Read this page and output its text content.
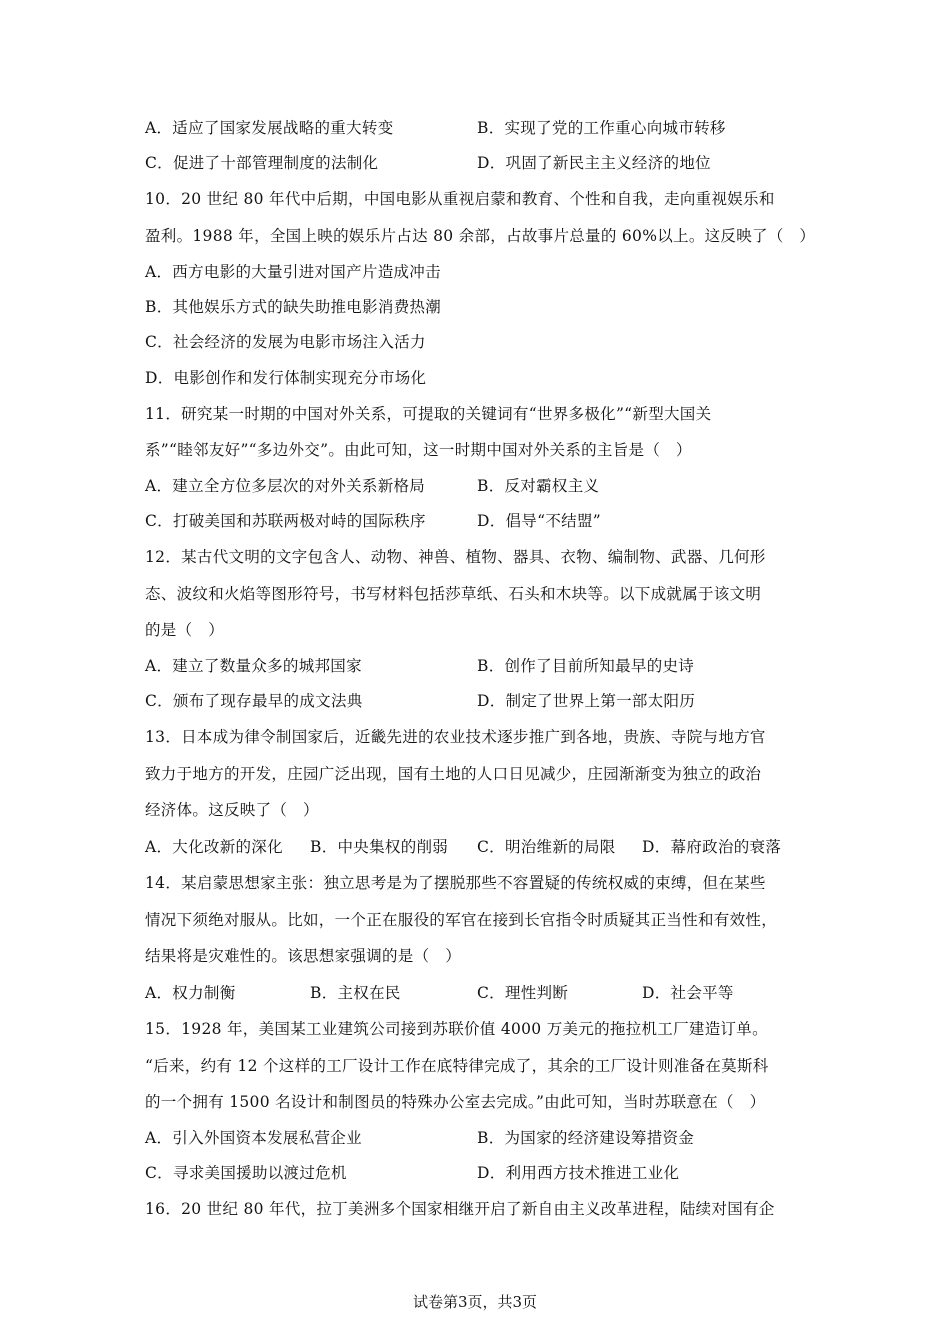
A．适应了国家发展战略的重大转变	B．实现了党的工作重心向城市转移
C．促进了十部管理制度的法制化	D．巩固了新民主主义经济的地位
10．20 世纪 80 年代中后期，中国电影从重视启蒙和教育、个性和自我，走向重视娱乐和
盈利。1988 年，全国上映的娱乐片占达 80 余部，占故事片总量的 60%以上。这反映了（　）
A．西方电影的大量引进对国产片造成冲击
B．其他娱乐方式的缺失助推电影消费热潮
C．社会经济的发展为电影市场注入活力
D．电影创作和发行体制实现充分市场化
11．研究某一时期的中国对外关系，可提取的关键词有“世界多极化”“新型大国关
系”“睦邻友好”“多边外交”。由此可知，这一时期中国对外关系的主旨是（　）
A．建立全方位多层次的对外关系新格局	B．反对霸权主义
C．打破美国和苏联两极对峙的国际秩序	D．倡导“不结盟”
12．某古代文明的文字包含人、动物、神兽、植物、器具、衣物、编制物、武器、几何形
态、波纹和火焰等图形符号，书写材料包括莎草纸、石头和木块等。以下成就属于该文明
的是（　）
A．建立了数量众多的城邦国家	B．创作了目前所知最早的史诗
C．颁布了现存最早的成文法典	D．制定了世界上第一部太阳历
13．日本成为律令制国家后，近畿先进的农业技术逐步推广到各地，贵族、寺院与地方官
致力于地方的开发，庄园广泛出现，国有土地的人口日见减少，庄园渐渐变为独立的政治
经济体。这反映了（　）
A．大化改新的深化 B．中央集权的削弱 C．明治维新的局限 D．幕府政治的衰落
14．某启蒙思想家主张：独立思考是为了摆脱那些不容置疑的传统权威的束缚，但在某些
情况下须绝对服从。比如，一个正在服役的军官在接到长官指令时质疑其正当性和有效性，
结果将是灾难性的。该思想家强调的是（　）
A．权力制衡	B．主权在民	C．理性判断	D．社会平等
15．1928 年，美国某工业建筑公司接到苏联价值 4000 万美元的拖拉机工厂建造订单。
“后来，约有 12 个这样的工厂设计工作在底特律完成了，其余的工厂设计则准备在莫斯科
的一个拥有 1500 名设计和制图员的特殊办公室去完成。”由此可知，当时苏联意在（　）
A．引入外国资本发展私营企业	B．为国家的经济建设筹措资金
C．寻求美国援助以渡过危机	D．利用西方技术推进工业化
16．20 世纪 80 年代，拉丁美洲多个国家相继开启了新自由主义改革进程，陆续对国有企
试卷第3页，共3页
